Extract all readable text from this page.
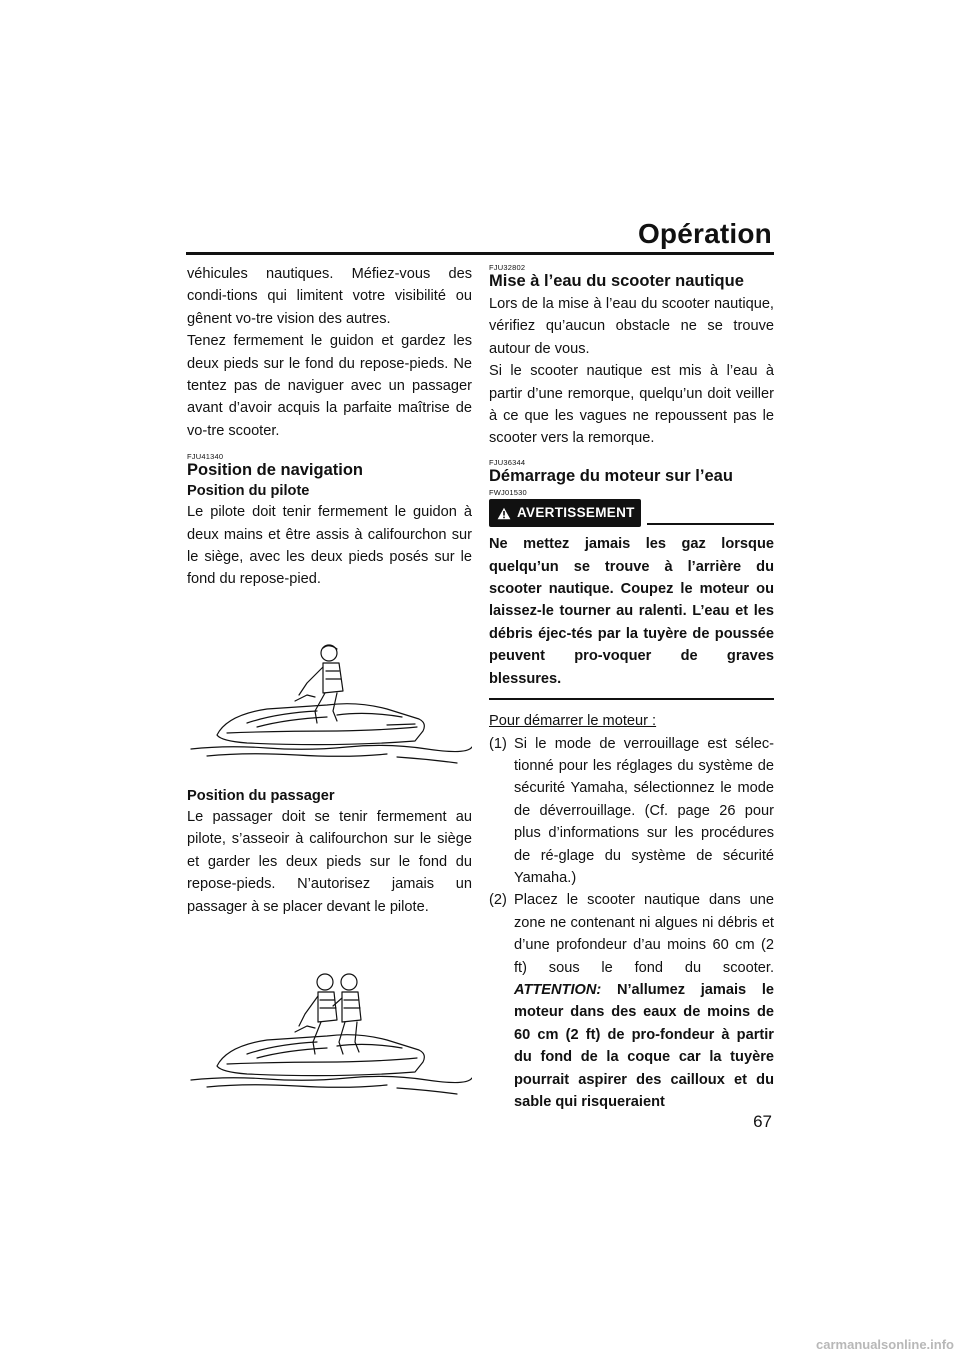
Opération

véhicules nautiques. Méfiez-vous des condi-tions qui limitent votre visibilité ou gênent vo-tre vision des autres.

Tenez fermement le guidon et gardez les deux pieds sur le fond du repose-pieds. Ne tentez pas de naviguer avec un passager avant d’avoir acquis la parfaite maîtrise de vo-tre scooter.

FJU41340
Position de navigation
Position du pilote

Le pilote doit tenir fermement le guidon à deux mains et être assis à califourchon sur le siège, avec les deux pieds posés sur le fond du repose-pied.

Position du passager

Le passager doit se tenir fermement au pilote, s’asseoir à califourchon sur le siège et garder les deux pieds sur le fond du repose-pieds. N’autorisez jamais un passager à se placer devant le pilote.

FJU32802
Mise à l’eau du scooter nautique

Lors de la mise à l’eau du scooter nautique, vérifiez qu’aucun obstacle ne se trouve autour de vous.

Si le scooter nautique est mis à l’eau à partir d’une remorque, quelqu’un doit veiller à ce que les vagues ne repoussent pas le scooter vers la remorque.

FJU36344
Démarrage du moteur sur l’eau
FWJ01530
AVERTISSEMENT

Ne mettez jamais les gaz lorsque quelqu’un se trouve à l’arrière du scooter nautique. Coupez le moteur ou laissez-le tourner au ralenti. L’eau et les débris éjec-tés par la tuyère de poussée peuvent pro-voquer de graves blessures.

Pour démarrer le moteur :

(1) Si le mode de verrouillage est sélec-tionné pour les réglages du système de sécurité Yamaha, sélectionnez le mode de déverrouillage. (Cf. page 26 pour plus d’informations sur les procédures de ré-glage du système de sécurité Yamaha.)
(2) Placez le scooter nautique dans une zone ne contenant ni algues ni débris et d’une profondeur d’au moins 60 cm (2 ft) sous le fond du scooter. ATTENTION: N’allumez jamais le moteur dans des eaux de moins de 60 cm (2 ft) de pro-fondeur à partir du fond de la coque car la tuyère pourrait aspirer des cailloux et du sable qui risqueraient
67
carmanualsonline.info
